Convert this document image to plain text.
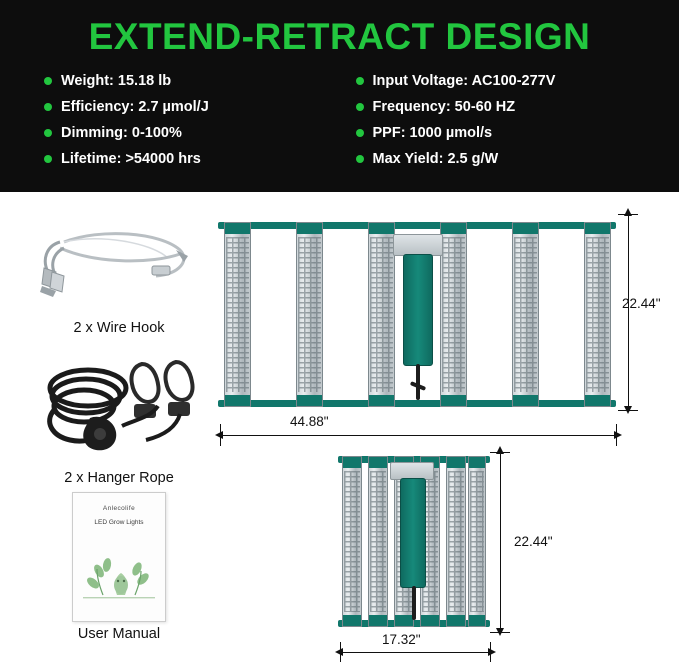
EXTEND-RETRACT DESIGN
Weight: 15.18 lb
Efficiency: 2.7 µmol/J
Dimming: 0-100%
Lifetime: >54000 hrs
Input Voltage: AC100-277V
Frequency: 50-60 HZ
PPF: 1000 µmol/s
Max Yield: 2.5 g/W
2 x Wire Hook
2 x Hanger Rope
Anlecolife
LED Grow Lights
User Manual
44.88"
22.44"
17.32"
22.44"
